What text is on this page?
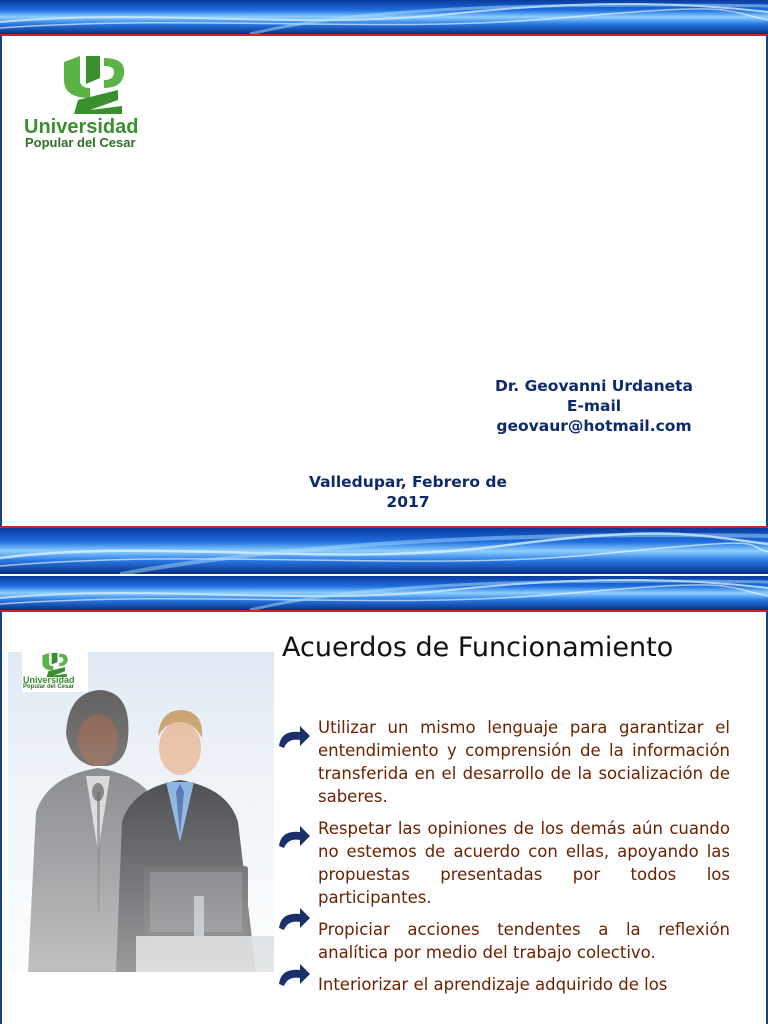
Universidad
Popular del Cesar
Dr. Geovanni Urdaneta
E-mail
geovaur@hotmail.com
Valledupar, Febrero de
2017
Acuerdos de Funcionamiento
Universidad
Popular del Cesar

Utilizar un mismo lenguaje para garantizar el entendimiento y comprensión de la información transferida en el desarrollo de la socialización de saberes.

Respetar las opiniones de los demás aún cuando no estemos de acuerdo con ellas, apoyando las propuestas presentadas por todos los participantes.

Propiciar acciones tendentes a la reflexión analítica por medio del trabajo colectivo.

Interiorizar el aprendizaje adquirido de los
